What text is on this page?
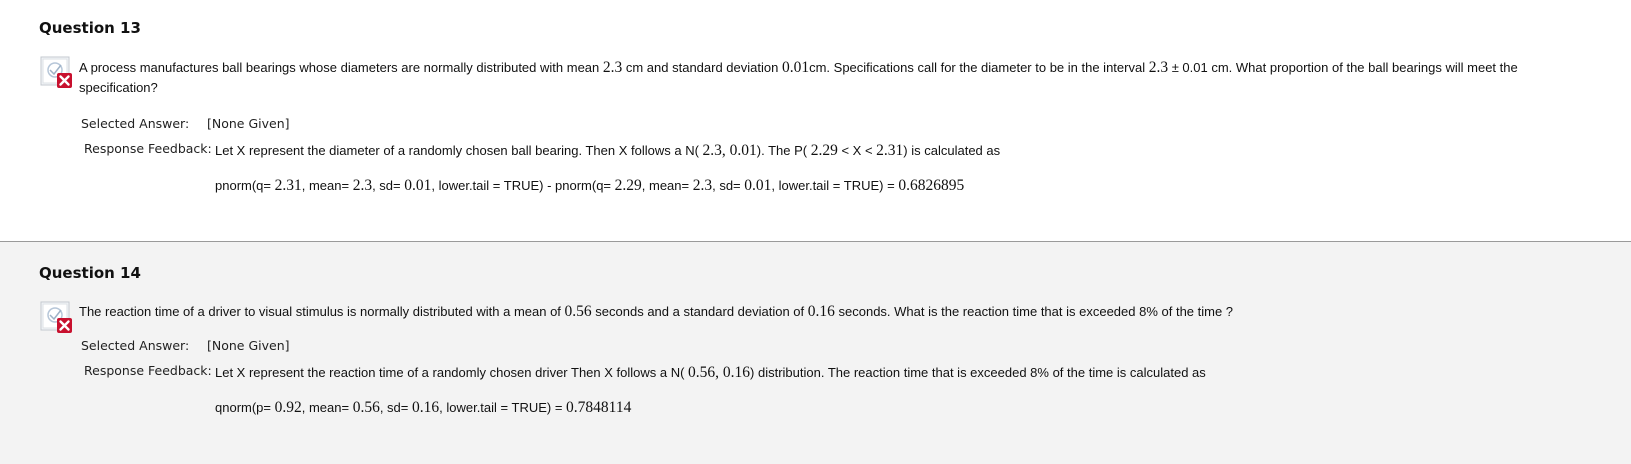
Question 13
A process manufactures ball bearings whose diameters are normally distributed with mean 2.3 cm and standard deviation 0.01cm. Specifications call for the diameter to be in the interval 2.3 ± 0.01 cm. What proportion of the ball bearings will meet the specification?
Selected Answer: [None Given]
Response Feedback: Let X represent the diameter of a randomly chosen ball bearing. Then X follows a N( 2.3, 0.01). The P( 2.29 < X < 2.31) is calculated as
pnorm(q= 2.31, mean= 2.3, sd= 0.01, lower.tail = TRUE) - pnorm(q= 2.29, mean= 2.3, sd= 0.01, lower.tail = TRUE) = 0.6826895
Question 14
The reaction time of a driver to visual stimulus is normally distributed with a mean of 0.56 seconds and a standard deviation of 0.16 seconds. What is the reaction time that is exceeded 8% of the time ?
Selected Answer: [None Given]
Response Feedback: Let X represent the reaction time of a randomly chosen driver Then X follows a N( 0.56, 0.16) distribution. The reaction time that is exceeded 8% of the time is calculated as
qnorm(p= 0.92, mean= 0.56, sd= 0.16, lower.tail = TRUE) = 0.7848114
